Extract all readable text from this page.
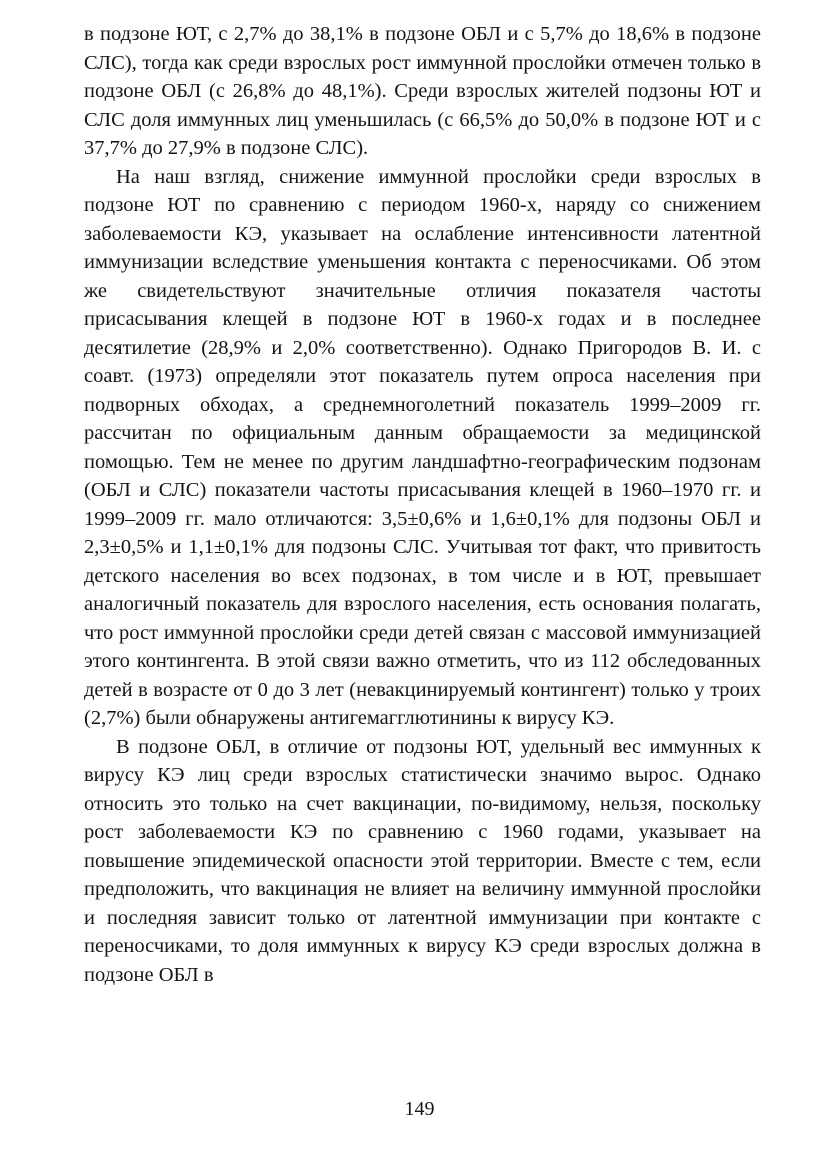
в подзоне ЮТ, с 2,7% до 38,1% в подзоне ОБЛ и с 5,7% до 18,6% в подзоне СЛС), тогда как среди взрослых рост иммунной прослойки отмечен только в подзоне ОБЛ (с 26,8% до 48,1%). Среди взрослых жителей подзоны ЮТ и СЛС доля иммунных лиц уменьшилась (с 66,5% до 50,0% в подзоне ЮТ и с 37,7% до 27,9% в подзоне СЛС).

На наш взгляд, снижение иммунной прослойки среди взрослых в подзоне ЮТ по сравнению с периодом 1960-х, наряду со снижением заболеваемости КЭ, указывает на ослабление интенсивности латентной иммунизации вследствие уменьшения контакта с переносчиками. Об этом же свидетельствуют значительные отличия показателя частоты присасывания клещей в подзоне ЮТ в 1960-х годах и в последнее десятилетие (28,9% и 2,0% соответственно). Однако Пригородов В. И. с соавт. (1973) определяли этот показатель путем опроса населения при подворных обходах, а среднемноголетний показатель 1999–2009 гг. рассчитан по официальным данным обращаемости за медицинской помощью. Тем не менее по другим ландшафтно-географическим подзонам (ОБЛ и СЛС) показатели частоты присасывания клещей в 1960–1970 гг. и 1999–2009 гг. мало отличаются: 3,5±0,6% и 1,6±0,1% для подзоны ОБЛ и 2,3±0,5% и 1,1±0,1% для подзоны СЛС. Учитывая тот факт, что привитость детского населения во всех подзонах, в том числе и в ЮТ, превышает аналогичный показатель для взрослого населения, есть основания полагать, что рост иммунной прослойки среди детей связан с массовой иммунизацией этого контингента. В этой связи важно отметить, что из 112 обследованных детей в возрасте от 0 до 3 лет (невакцинируемый контингент) только у троих (2,7%) были обнаружены антигемагглютинины к вирусу КЭ.

В подзоне ОБЛ, в отличие от подзоны ЮТ, удельный вес иммунных к вирусу КЭ лиц среди взрослых статистически значимо вырос. Однако относить это только на счет вакцинации, по-видимому, нельзя, поскольку рост заболеваемости КЭ по сравнению с 1960 годами, указывает на повышение эпидемической опасности этой территории. Вместе с тем, если предположить, что вакцинация не влияет на величину иммунной прослойки и последняя зависит только от латентной иммунизации при контакте с переносчиками, то доля иммунных к вирусу КЭ среди взрослых должна в подзоне ОБЛ в

149
